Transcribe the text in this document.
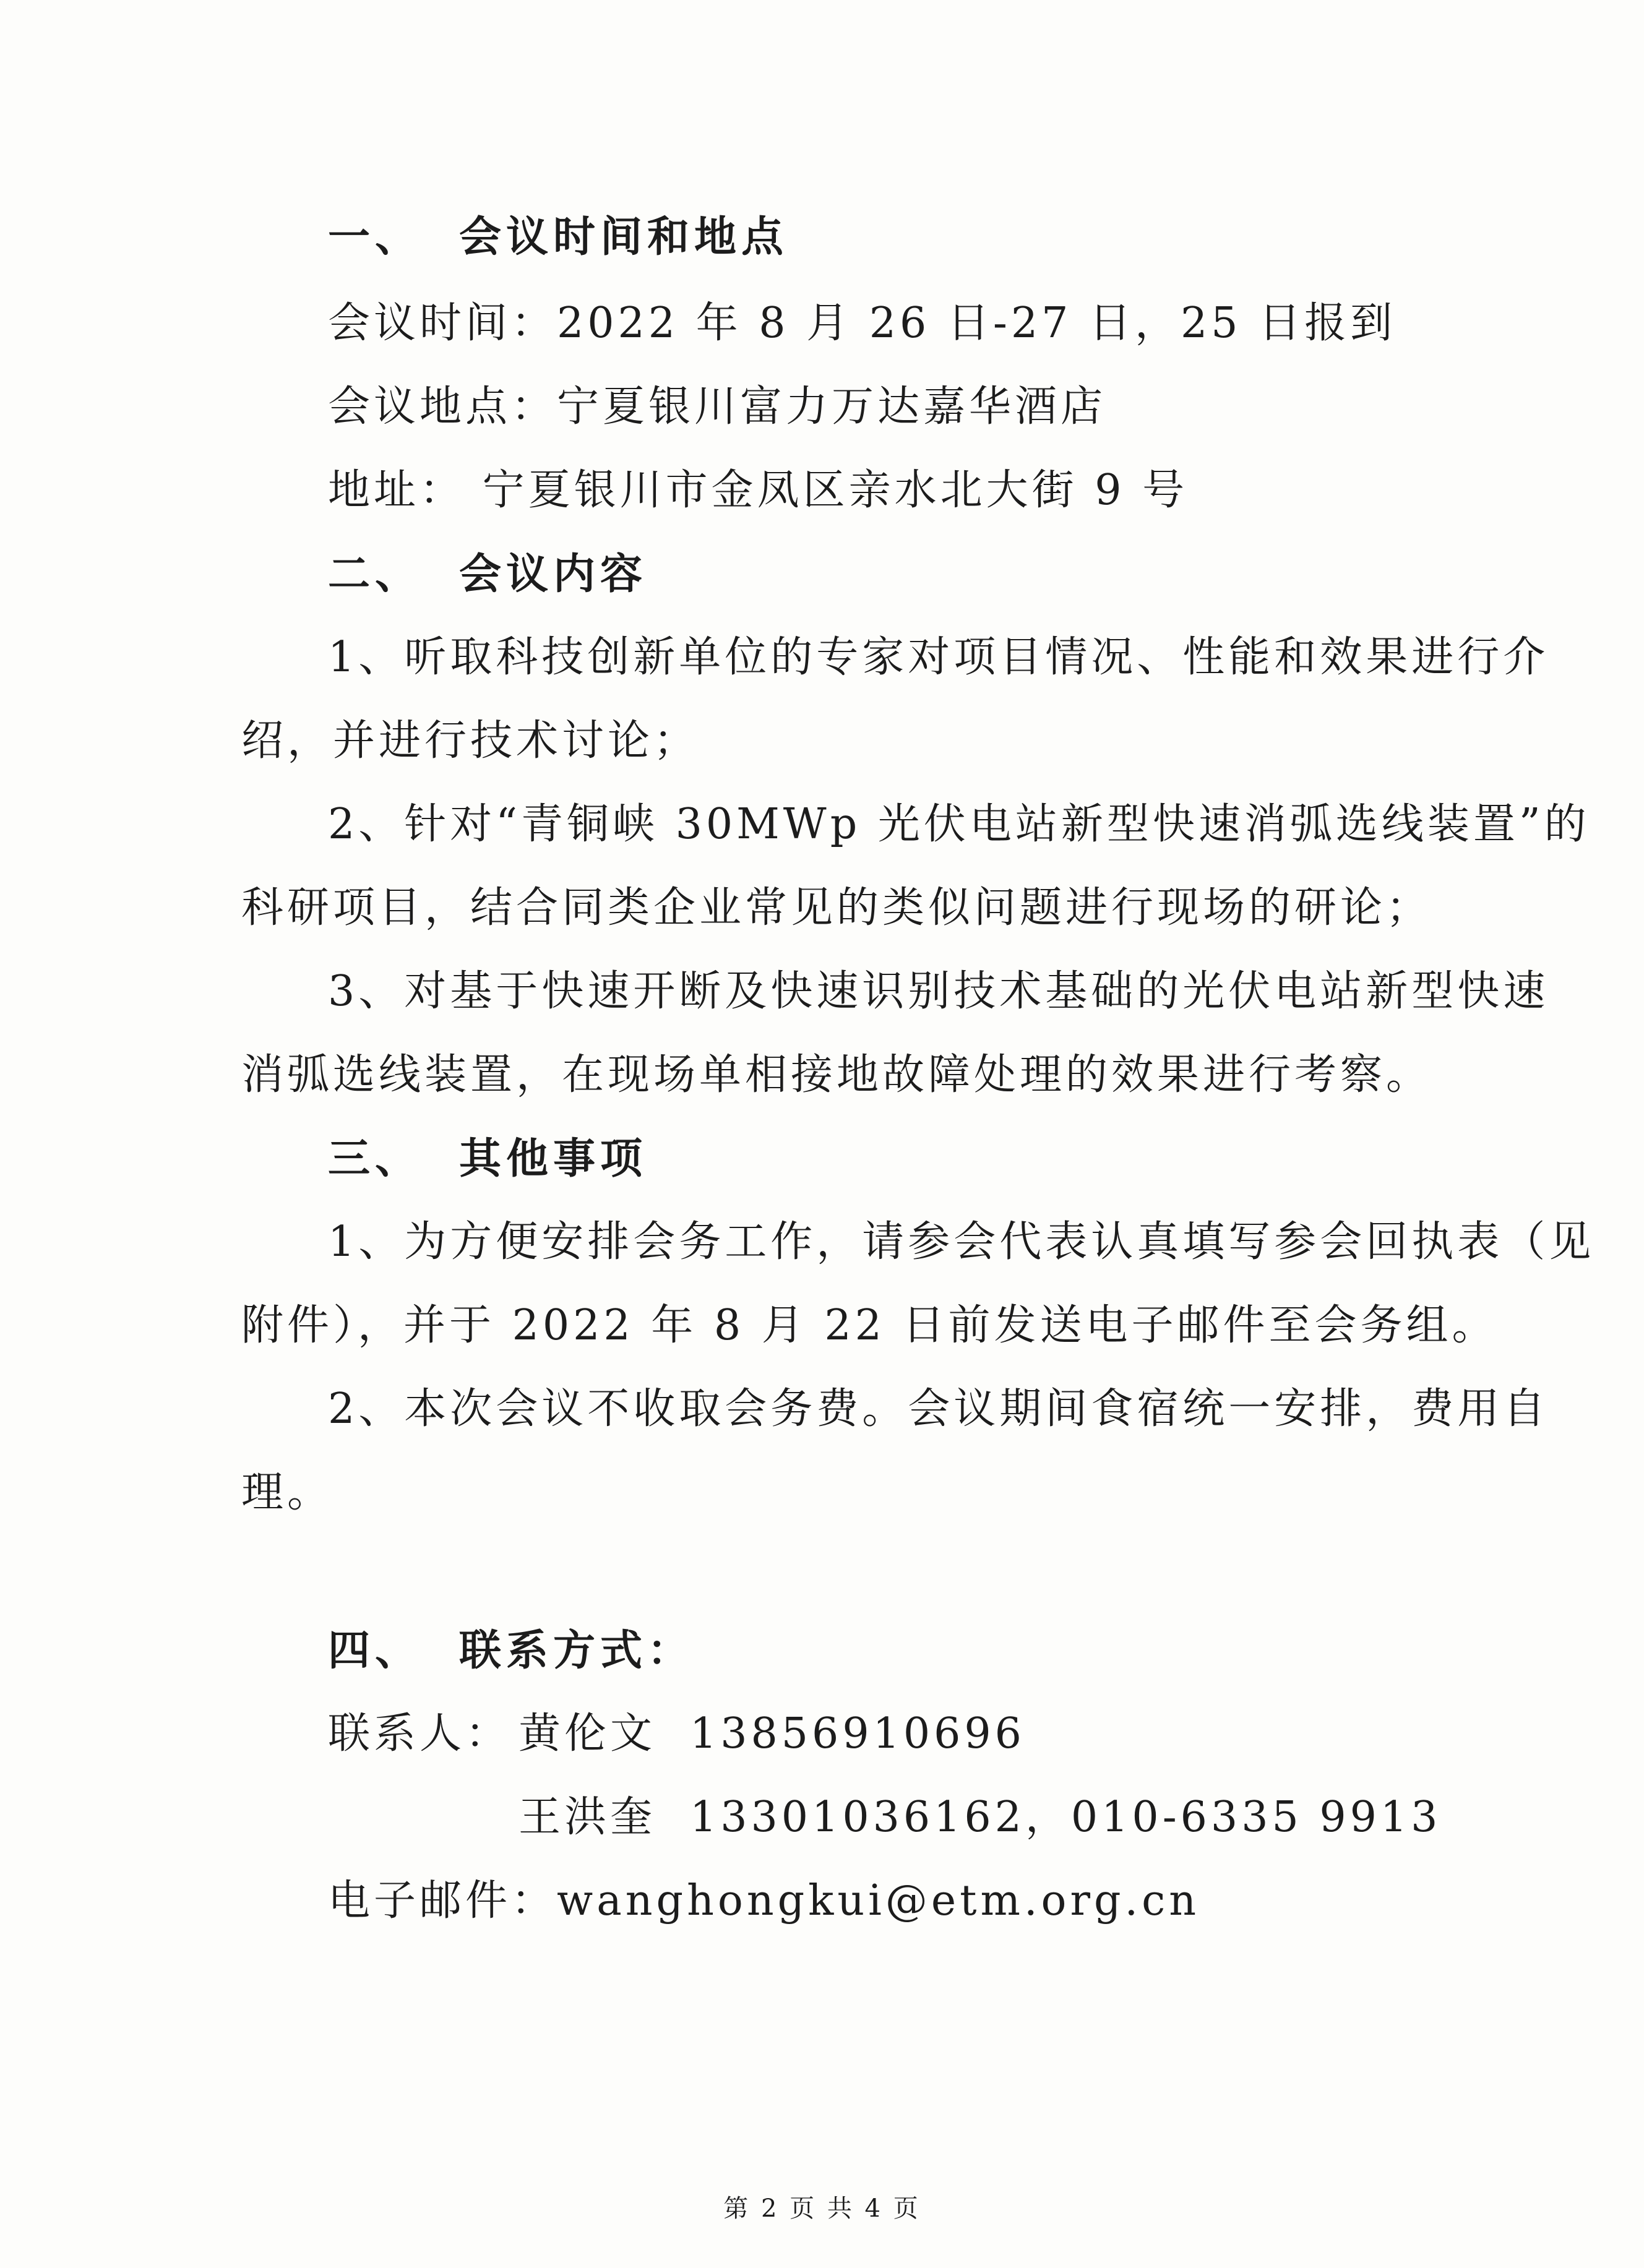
一、 会议时间和地点
会议时间：2022 年 8 月 26 日-27 日，25 日报到
会议地点：宁夏银川富力万达嘉华酒店
地址： 宁夏银川市金凤区亲水北大街 9 号
二、 会议内容
1、听取科技创新单位的专家对项目情况、性能和效果进行介
绍，并进行技术讨论；
2、针对“青铜峡 30MWp 光伏电站新型快速消弧选线装置”的
科研项目，结合同类企业常见的类似问题进行现场的研论；
3、对基于快速开断及快速识别技术基础的光伏电站新型快速
消弧选线装置，在现场单相接地故障处理的效果进行考察。
三、 其他事项
1、为方便安排会务工作，请参会代表认真填写参会回执表（见
附件），并于 2022 年 8 月 22 日前发送电子邮件至会务组。
2、本次会议不收取会务费。会议期间食宿统一安排，费用自
理。
四、 联系方式：
联系人： 黄伦文 13856910696
王洪奎 13301036162，010-6335 9913
电子邮件：wanghongkui@etm.org.cn
第 2 页 共 4 页
